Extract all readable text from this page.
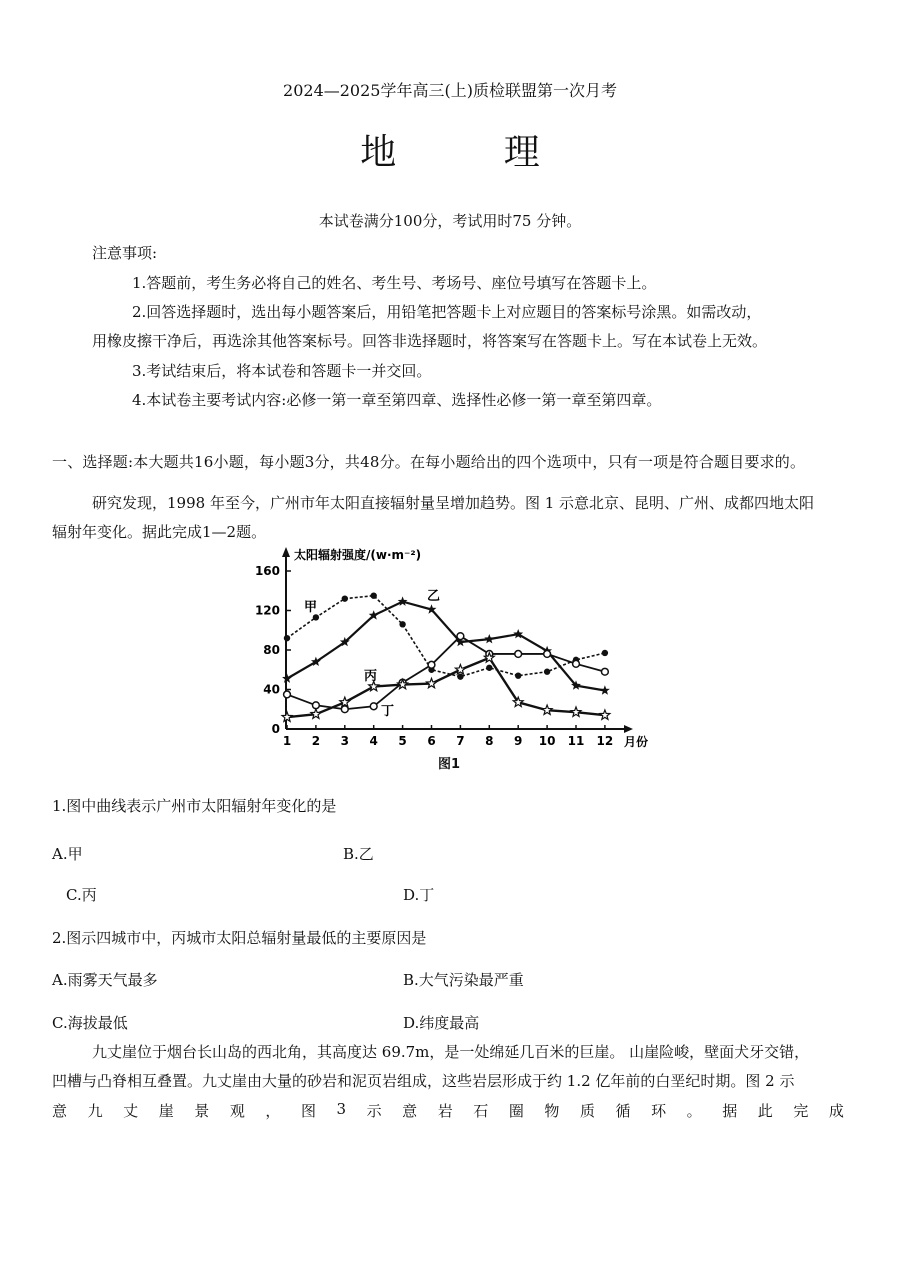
2024—2025学年高三(上)质检联盟第一次月考
地 理
本试卷满分100分，考试用时75 分钟。
注意事项:
1.答题前，考生务必将自己的姓名、考生号、考场号、座位号填写在答题卡上。
2.回答选择题时，选出每小题答案后，用铅笔把答题卡上对应题目的答案标号涂黑。如需改动，
用橡皮擦干净后，再选涂其他答案标号。回答非选择题时，将答案写在答题卡上。写在本试卷上无效。
3.考试结束后，将本试卷和答题卡一并交回。
4.本试卷主要考试内容:必修一第一章至第四章、选择性必修一第一章至第四章。
一、选择题:本大题共16小题，每小题3分，共48分。在每小题给出的四个选项中，只有一项是符合题目要求的。
研究发现，1998 年至今，广州市年太阳直接辐射量呈增加趋势。图 1 示意北京、昆明、广州、成都四地太阳
辐射年变化。据此完成1—2题。
太阳辐射强度/(w·m⁻²)
月份
0
40
80
120
160
1 2 3 4 5 6 7 8 9 10 11 12
甲
乙
丙
丁
图1
1.图中曲线表示广州市太阳辐射年变化的是
A.甲	B.乙
C.丙	D.丁
2.图示四城市中，丙城市太阳总辐射量最低的主要原因是
A.雨雾天气最多	B.大气污染最严重
C.海拔最低	D.纬度最高
九丈崖位于烟台长山岛的西北角，其高度达 69.7m，是一处绵延几百米的巨崖。 山崖险峻，壁面犬牙交错，
凹槽与凸脊相互叠置。九丈崖由大量的砂岩和泥页岩组成，这些岩层形成于约 1.2 亿年前的白垩纪时期。图 2 示
意 九 丈 崖 景 观 ， 图 3 示 意 岩 石 圈 物 质 循 环 。 据 此 完 成
